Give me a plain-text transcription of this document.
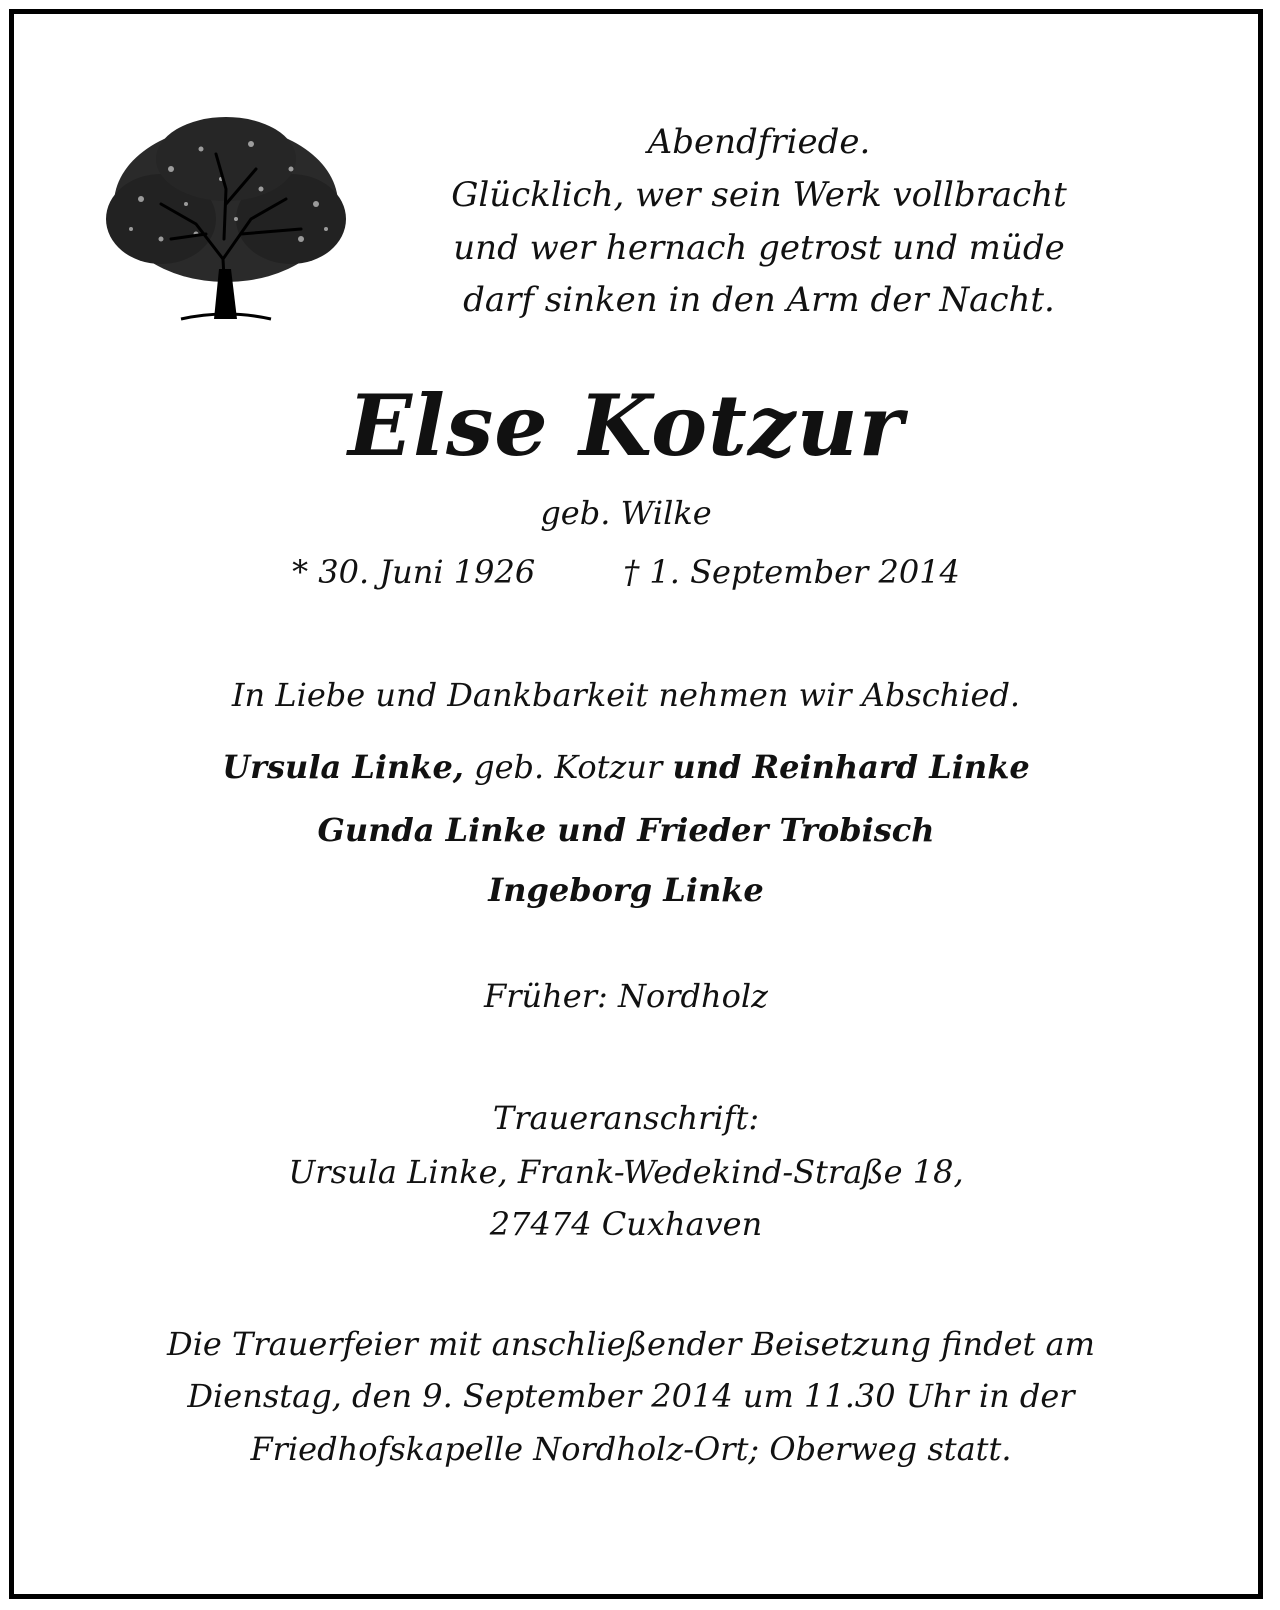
Abendfriede.
Glücklich, wer sein Werk vollbracht
und wer hernach getrost und müde
darf sinken in den Arm der Nacht.
Else Kotzur
geb. Wilke
* 30. Juni 1926	† 1. September 2014
In Liebe und Dankbarkeit nehmen wir Abschied.
Ursula Linke, geb. Kotzur und Reinhard Linke
Gunda Linke und Frieder Trobisch
Ingeborg Linke
Früher: Nordholz
Traueranschrift:
Ursula Linke, Frank-Wedekind-Straße 18,
27474 Cuxhaven
Die Trauerfeier mit anschließender Beisetzung findet am
Dienstag, den 9. September 2014 um 11.30 Uhr in der
Friedhofskapelle Nordholz-Ort; Oberweg statt.
